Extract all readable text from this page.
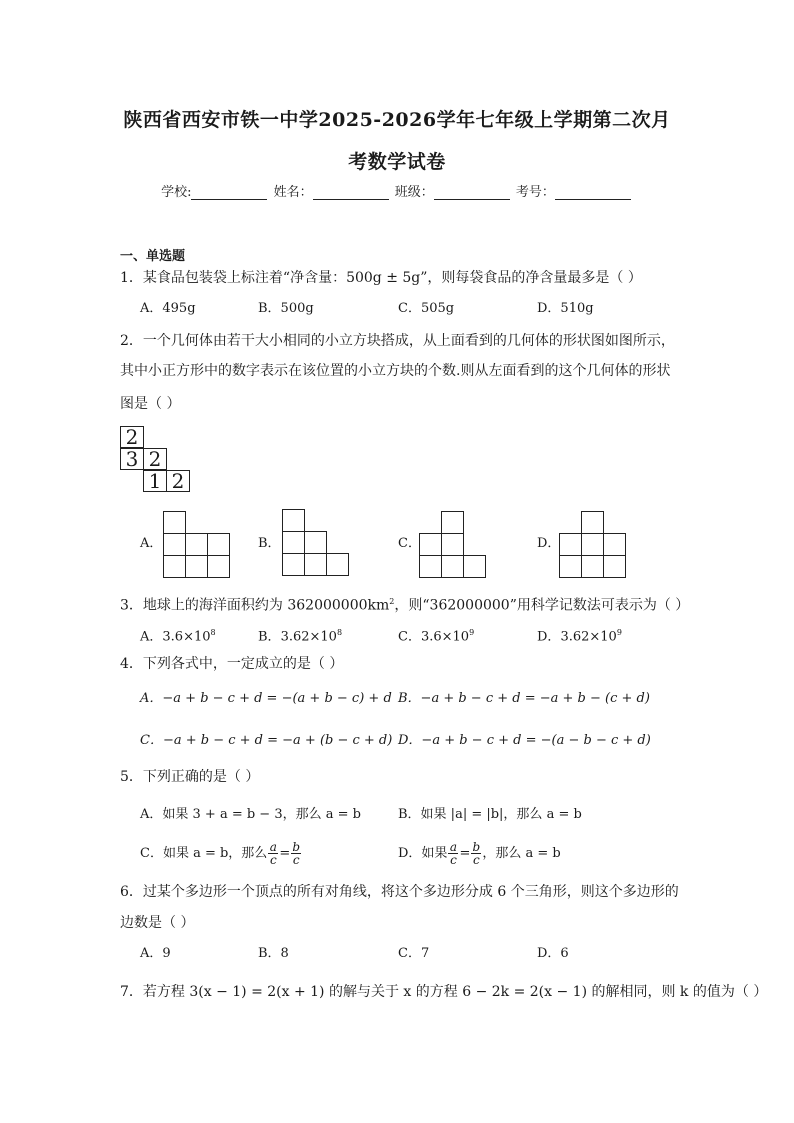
陕西省西安市铁一中学2025-2026学年七年级上学期第二次月
考数学试卷
学校:	姓名：	班级：	考号：
一、单选题
1．某食品包装袋上标注着“净含量：500g ± 5g”，则每袋食品的净含量最多是（ ）
A．495g	B．500g	C．505g	D．510g
2．一个几何体由若干大小相同的小立方块搭成，从上面看到的几何体的形状图如图所示，
其中小正方形中的数字表示在该位置的小立方块的个数.则从左面看到的这个几何体的形状
图是（ ）
2
3 2
1 2
A．	B．	C．	D．
3．地球上的海洋面积约为 $362000000km^2$，则“362000000”用科学记数法可表示为（ ）
A．$3.6\times 10^8$	B．$3.62\times 10^8$	C．$3.6\times 10^9$	D．$3.62\times 10^9$
4．下列各式中，一定成立的是（ ）
A．−a + b − c + d = −(a + b − c) + d B．−a + b − c + d = −a + b − (c + d)
C．−a + b − c + d = −a + (b − c + d) D．−a + b − c + d = −(a − b − c + d)
5．下列正确的是（ ）
A．如果 3 + a = b − 3，那么 a = b	B．如果 |a| = |b|，那么 a = b
C．如果 a = b，那么 $\frac{a}{c} = \frac{b}{c}$	D．如果 $\frac{a}{c} = \frac{b}{c}$ ，那么 a = b
6．过某个多边形一个顶点的所有对角线，将这个多边形分成 6 个三角形，则这个多边形的
边数是（ ）
A．9	B．8	C．7	D．6
7．若方程 3(x − 1) = 2(x + 1) 的解与关于 x 的方程 6 − 2k = 2(x − 1) 的解相同，则 k 的值为（ ）
